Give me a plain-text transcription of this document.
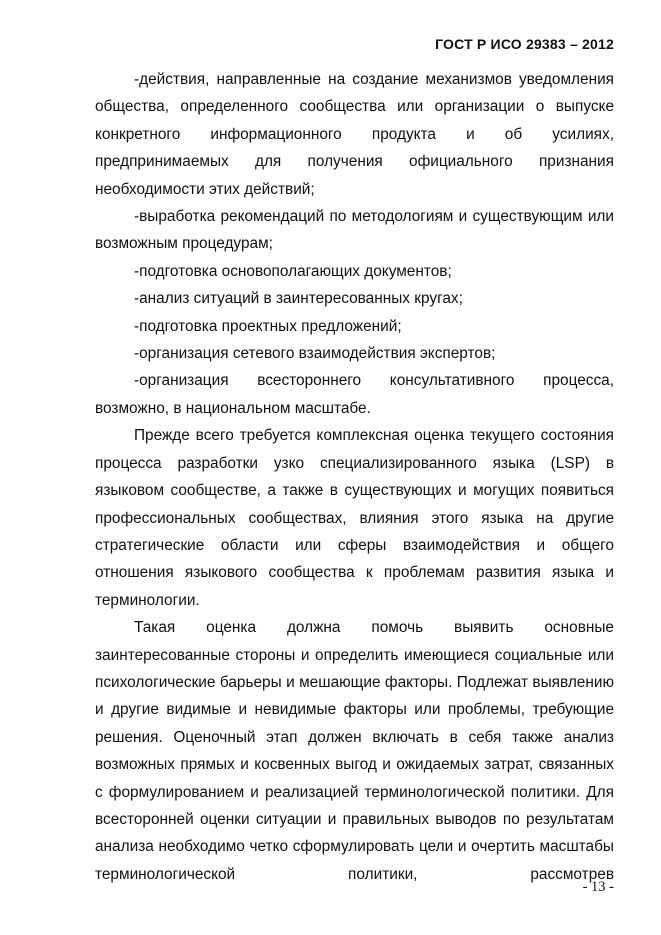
ГОСТ Р ИСО 29383 – 2012

-действия, направленные на создание механизмов уведомления общества, определенного сообщества или организации о выпуске конкретного информационного продукта и об усилиях, предпринимаемых для получения официального признания необходимости этих действий;

-выработка рекомендаций по методологиям и существующим или возможным процедурам;

-подготовка основополагающих документов;

-анализ ситуаций в заинтересованных кругах;

-подготовка проектных предложений;

-организация сетевого взаимодействия экспертов;

-организация всестороннего консультативного процесса, возможно, в национальном масштабе.

Прежде всего требуется комплексная оценка текущего состояния процесса разработки узко специализированного языка (LSP) в языковом сообществе, а также в существующих и могущих появиться профессиональных сообществах, влияния этого языка на другие стратегические области или сферы взаимодействия и общего отношения языкового сообщества к проблемам развития языка и терминологии.

Такая оценка должна помочь выявить основные заинтересованные стороны и определить имеющиеся социальные или психологические барьеры и мешающие факторы. Подлежат выявлению и другие видимые и невидимые факторы или проблемы, требующие решения. Оценочный этап должен включать в себя также анализ возможных прямых и косвенных выгод и ожидаемых затрат, связанных с формулированием и реализацией терминологической политики. Для всесторонней оценки ситуации и правильных выводов по результатам анализа необходимо четко сформулировать цели и очертить масштабы терминологической политики, рассмотрев

- 13 -
